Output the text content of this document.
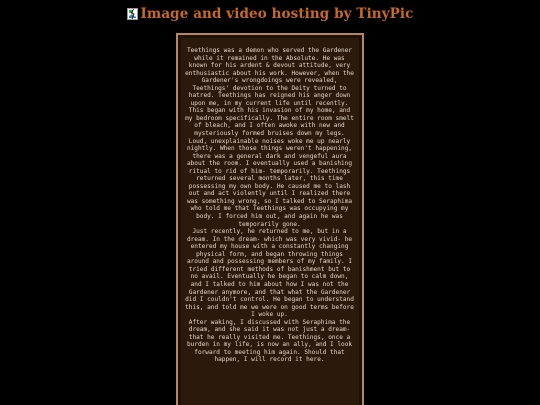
Image and video hosting by TinyPic

Teethings was a demon who served the Gardener while it remained in the Absolute. He was known for his ardent & devout attitude, very enthusiastic about his work. However, when the Gardener's wrongdoings were revealed, Teethings' devotion to the Deity turned to hatred. Teethings has reigned his anger down upon me, in my current life until recently. This began with his invasion of my home, and my bedroom specifically. The entire room smelt of bleach, and I often awoke with new and mysteriously formed bruises down my legs. Loud, unexplainable noises woke me up nearly nightly. When those things weren't happening, there was a general dark and vengeful aura about the room. I eventually used a banishing ritual to rid of him- temporarily. Teethings returned several months later, this time possessing my own body. He caused me to lash out and act violently until I realized there was something wrong, so I talked to Seraphima who told me that Teethings was occupying my body. I forced him out, and again he was temporarily gone.

Just recently, he returned to me, but in a dream. In the dream- which was very vivid- he entered my house with a constantly changing physical form, and began throwing things around and possessing members of my family. I tried different methods of banishment but to no avail. Eventually he began to calm down, and I talked to him about how I was not the Gardener anymore, and that what the Gardener did I couldn't control. He began to understand this, and told me we were on good terms before I woke up.

After waking, I discussed with Seraphima the dream, and she said it was not just a dream- that he really visited me. Teethings, once a burden in my life, is now an ally, and I look forward to meeting him again. Should that happen, I will record it here.
